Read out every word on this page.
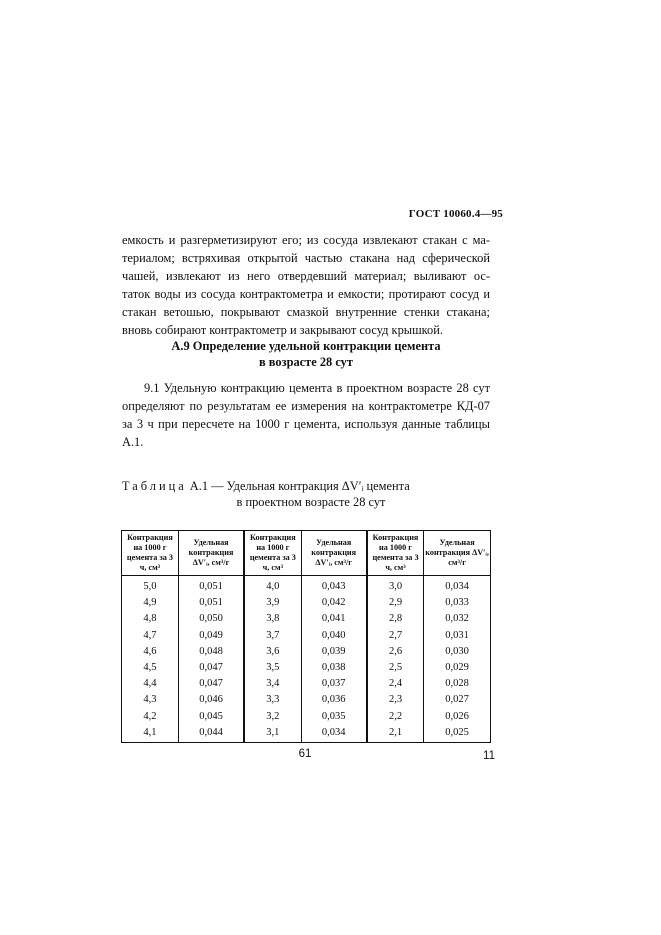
ГОСТ 10060.4—95
емкость и разгерметизируют его; из сосуда извлекают стакан с ма-
териалом; встряхивая открытой частью стакана над сферической
чашей, извлекают из него отвердевший материал; выливают ос-
таток воды из сосуда контрактометра и емкости; протирают сосуд и
стакан ветошью, покрывают смазкой внутренние стенки стакана;
вновь собирают контрактометр и закрывают сосуд крышкой.
А.9 Определение удельной контракции цемента
в возрасте 28 сут
9.1 Удельную контракцию цемента в проектном возрасте 28 сут
определяют по результатам ее измерения на контрактометре КД-07
за 3 ч при пересчете на 1000 г цемента, используя данные таблицы
А.1.
Таблица А.1 — Удельная контракция ΔV′ᵢ цемента
в проектном возрасте 28 сут
Контракция на 1000 г цемента за 3 ч, см³	Удельная контракция ΔV′ᵢ, см³/г	Контракция на 1000 г цемента за 3 ч, см³	Удельная контракция ΔV′ᵢ, см³/г	Контракция на 1000 г цемента за 3 ч, см³	Удельная контракция ΔV′ᵢ, см³/г
5,0	0,051	4,0	0,043	3,0	0,034
4,9	0,051	3,9	0,042	2,9	0,033
4,8	0,050	3,8	0,041	2,8	0,032
4,7	0,049	3,7	0,040	2,7	0,031
4,6	0,048	3,6	0,039	2,6	0,030
4,5	0,047	3,5	0,038	2,5	0,029
4,4	0,047	3,4	0,037	2,4	0,028
4,3	0,046	3,3	0,036	2,3	0,027
4,2	0,045	3,2	0,035	2,2	0,026
4,1	0,044	3,1	0,034	2,1	0,025
61	11
